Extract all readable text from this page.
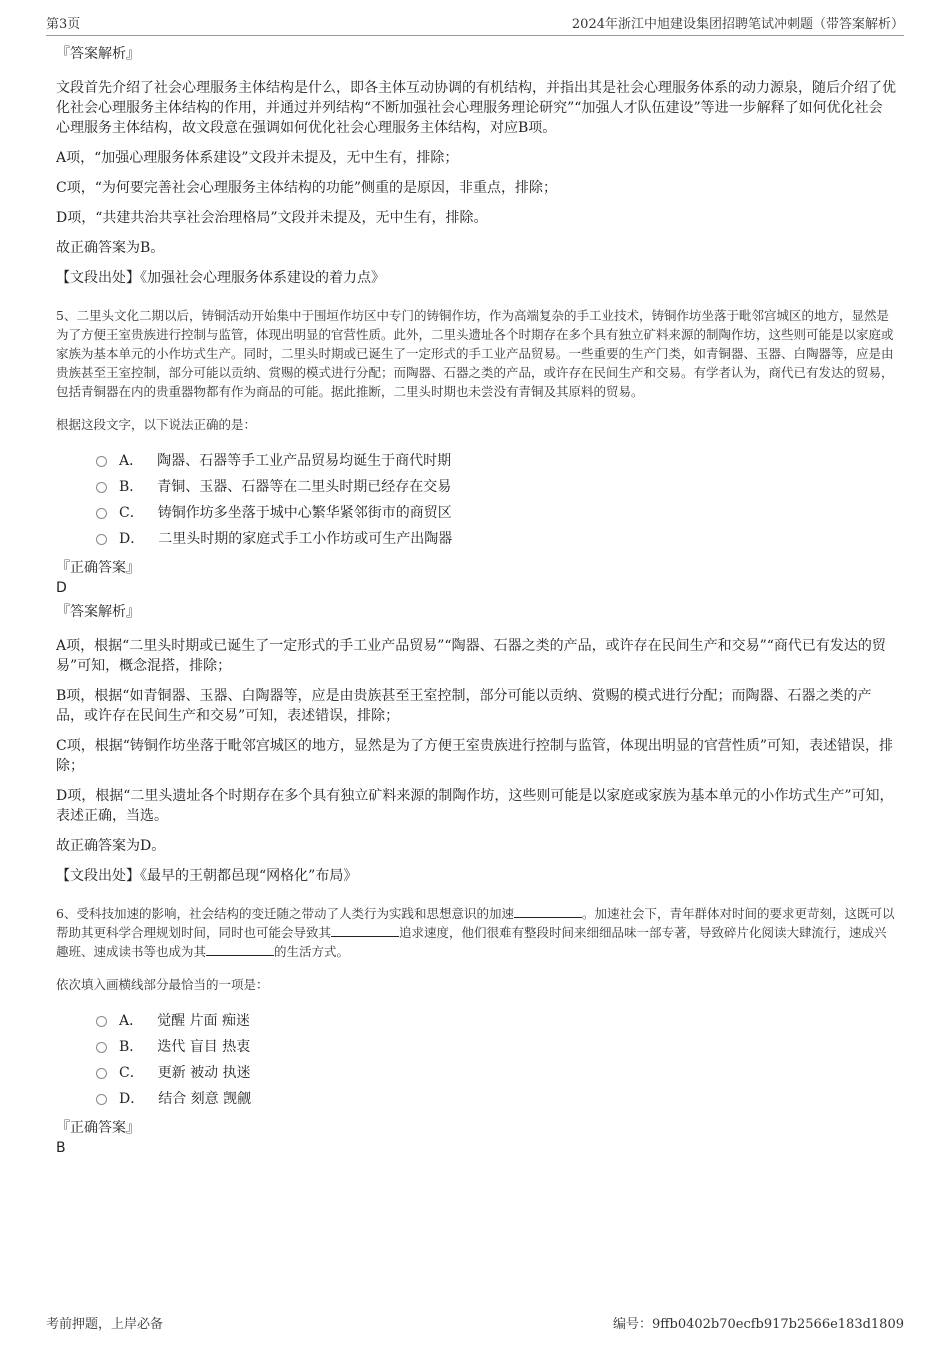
第3页	2024年浙江中旭建设集团招聘笔试冲刺题（带答案解析）

『答案解析』

文段首先介绍了社会心理服务主体结构是什么，即各主体互动协调的有机结构，并指出其是社会心理服务体系的动力源泉，随后介绍了优化社会心理服务主体结构的作用，并通过并列结构“不断加强社会心理服务理论研究”“加强人才队伍建设”等进一步解释了如何优化社会心理服务主体结构，故文段意在强调如何优化社会心理服务主体结构，对应B项。

A项，“加强心理服务体系建设”文段并未提及，无中生有，排除；

C项，“为何要完善社会心理服务主体结构的功能”侧重的是原因，非重点，排除；

D项，“共建共治共享社会治理格局”文段并未提及，无中生有，排除。

故正确答案为B。

【文段出处】《加强社会心理服务体系建设的着力点》

5、二里头文化二期以后，铸铜活动开始集中于围垣作坊区中专门的铸铜作坊，作为高端复杂的手工业技术，铸铜作坊坐落于毗邻宫城区的地方，显然是为了方便王室贵族进行控制与监管，体现出明显的官营性质。此外，二里头遗址各个时期存在多个具有独立矿料来源的制陶作坊，这些则可能是以家庭或家族为基本单元的小作坊式生产。同时，二里头时期或已诞生了一定形式的手工业产品贸易。一些重要的生产门类，如青铜器、玉器、白陶器等，应是由贵族甚至王室控制，部分可能以贡纳、赏赐的模式进行分配；而陶器、石器之类的产品，或许存在民间生产和交易。有学者认为，商代已有发达的贸易，包括青铜器在内的贵重器物都有作为商品的可能。据此推断，二里头时期也未尝没有青铜及其原料的贸易。

根据这段文字，以下说法正确的是：

A． 陶器、石器等手工业产品贸易均诞生于商代时期
B． 青铜、玉器、石器等在二里头时期已经存在交易
C． 铸铜作坊多坐落于城中心繁华紧邻街市的商贸区
D． 二里头时期的家庭式手工小作坊或可生产出陶器

『正确答案』

D

『答案解析』

A项，根据“二里头时期或已诞生了一定形式的手工业产品贸易”“陶器、石器之类的产品，或许存在民间生产和交易”“商代已有发达的贸易”可知，概念混搭，排除；

B项，根据“如青铜器、玉器、白陶器等，应是由贵族甚至王室控制，部分可能以贡纳、赏赐的模式进行分配；而陶器、石器之类的产品，或许存在民间生产和交易”可知，表述错误，排除；

C项，根据“铸铜作坊坐落于毗邻宫城区的地方，显然是为了方便王室贵族进行控制与监管，体现出明显的官营性质”可知，表述错误，排除；

D项，根据“二里头遗址各个时期存在多个具有独立矿料来源的制陶作坊，这些则可能是以家庭或家族为基本单元的小作坊式生产”可知，表述正确，当选。

故正确答案为D。

【文段出处】《最早的王朝都邑现“网格化”布局》

6、受科技加速的影响，社会结构的变迁随之带动了人类行为实践和思想意识的加速	。加速社会下，青年群体对时间的要求更苛刻，这既可以帮助其更科学合理规划时间，同时也可能会导致其	追求速度，他们很难有整段时间来细细品味一部专著，导致碎片化阅读大肆流行，速成兴趣班、速成读书等也成为其	的生活方式。

依次填入画横线部分最恰当的一项是：

A． 觉醒 片面 痴迷
B． 迭代 盲目 热衷
C． 更新 被动 执迷
D． 结合 刻意 觊觎

『正确答案』

B

考前押题，上岸必备	编号：9ffb0402b70ecfb917b2566e183d1809
